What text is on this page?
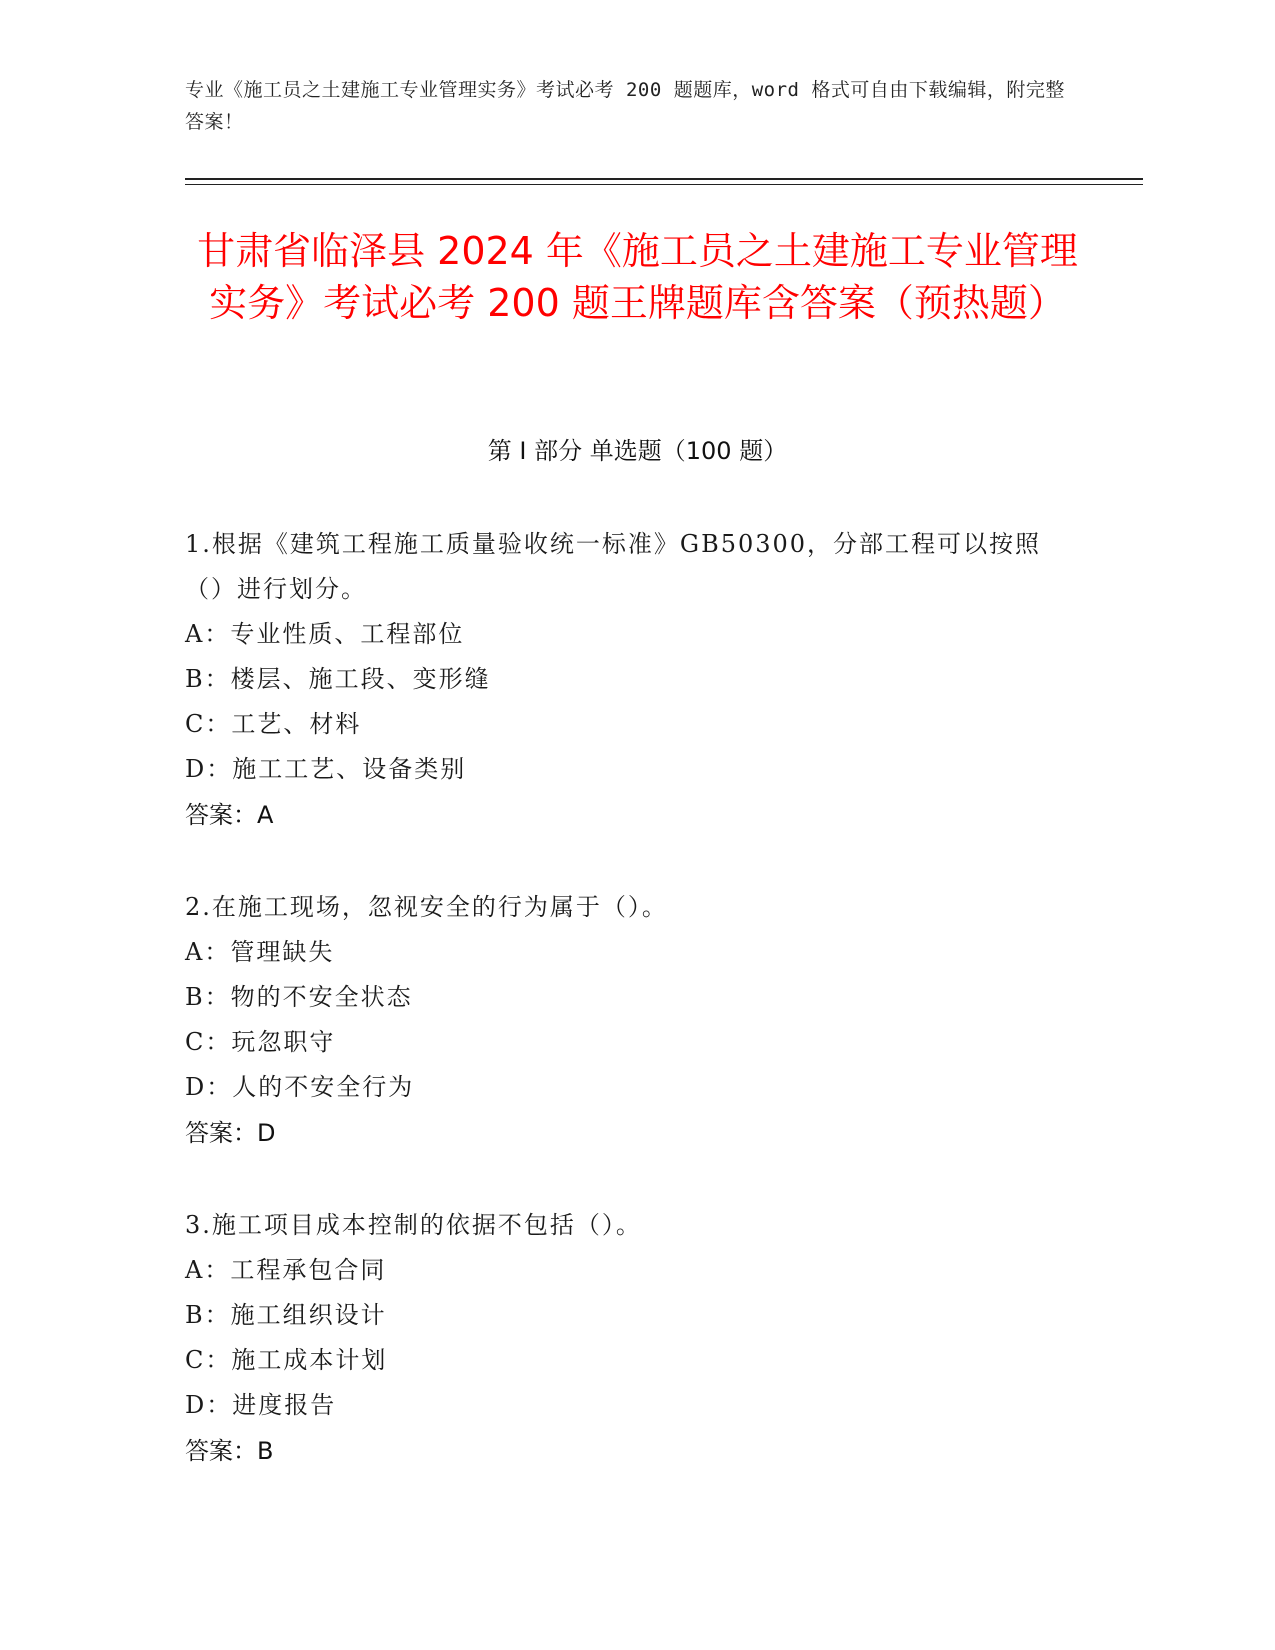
专业《施工员之土建施工专业管理实务》考试必考 200 题题库，word 格式可自由下载编辑，附完整答案！
甘肃省临泽县 2024 年《施工员之土建施工专业管理实务》考试必考 200 题王牌题库含答案（预热题）
第 I 部分 单选题（100 题）
1.根据《建筑工程施工质量验收统一标准》GB50300，分部工程可以按照（）进行划分。
A：专业性质、工程部位
B：楼层、施工段、变形缝
C：工艺、材料
D：施工工艺、设备类别
答案：A
2.在施工现场，忽视安全的行为属于（）。
A：管理缺失
B：物的不安全状态
C：玩忽职守
D：人的不安全行为
答案：D
3.施工项目成本控制的依据不包括（）。
A：工程承包合同
B：施工组织设计
C：施工成本计划
D：进度报告
答案：B
